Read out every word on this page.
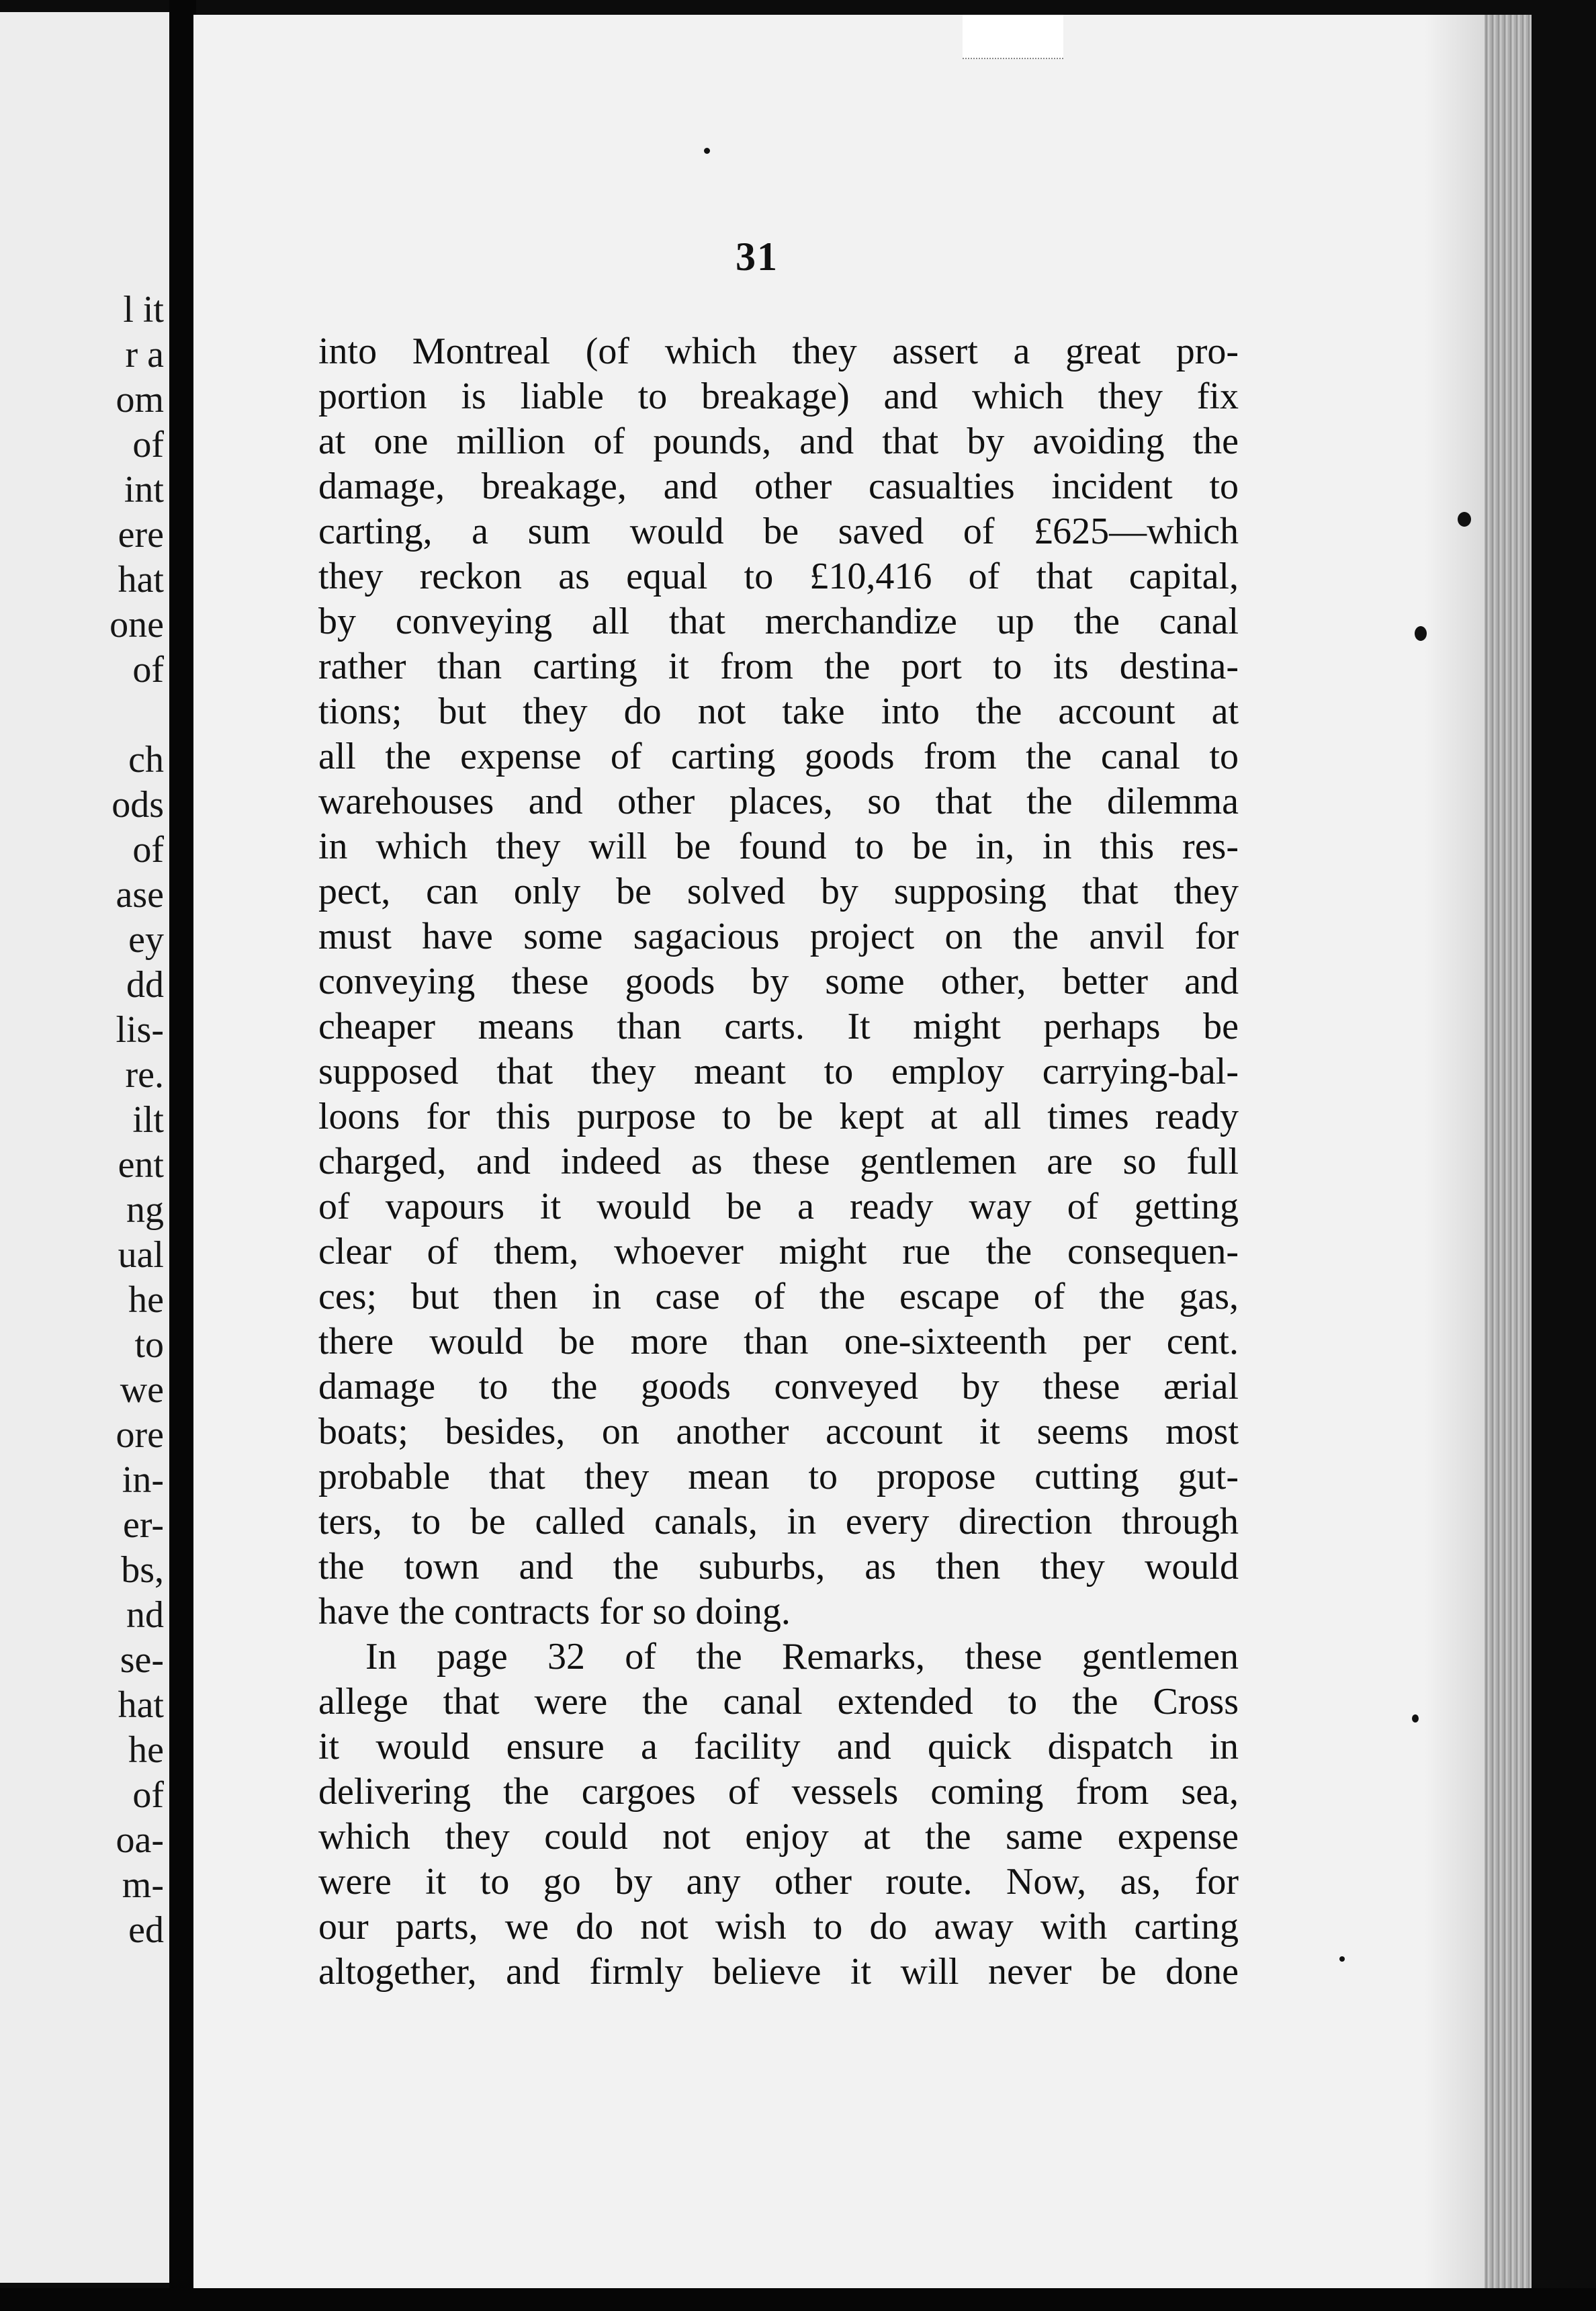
l it
r a
om
of
int
ere
hat
one
of
ch
ods
of
ase
ey
dd
lis-
re.
ilt
ent
ng
ual
he
to
we
ore
in-
er-
bs,
nd
se-
hat
he
of
oa-
m-
ed
31
into Montreal (of which they assert a great pro-
portion is liable to breakage) and which they fix
at one million of pounds, and that by avoiding the
damage, breakage, and other casualties incident to
carting, a sum would be saved of £625—which
they reckon as equal to £10,416 of that capital,
by conveying all that merchandize up the canal
rather than carting it from the port to its destina-
tions; but they do not take into the account at
all the expense of carting goods from the canal to
warehouses and other places, so that the dilemma
in which they will be found to be in, in this res-
pect, can only be solved by supposing that they
must have some sagacious project on the anvil for
conveying these goods by some other, better and
cheaper means than carts. It might perhaps be
supposed that they meant to employ carrying-bal-
loons for this purpose to be kept at all times ready
charged, and indeed as these gentlemen are so full
of vapours it would be a ready way of getting
clear of them, whoever might rue the consequen-
ces; but then in case of the escape of the gas,
there would be more than one-sixteenth per cent.
damage to the goods conveyed by these ærial
boats; besides, on another account it seems most
probable that they mean to propose cutting gut-
ters, to be called canals, in every direction through
the town and the suburbs, as then they would
have the contracts for so doing.
In page 32 of the Remarks, these gentlemen
allege that were the canal extended to the Cross
it would ensure a facility and quick dispatch in
delivering the cargoes of vessels coming from sea,
which they could not enjoy at the same expense
were it to go by any other route. Now, as, for
our parts, we do not wish to do away with carting
altogether, and firmly believe it will never be done
